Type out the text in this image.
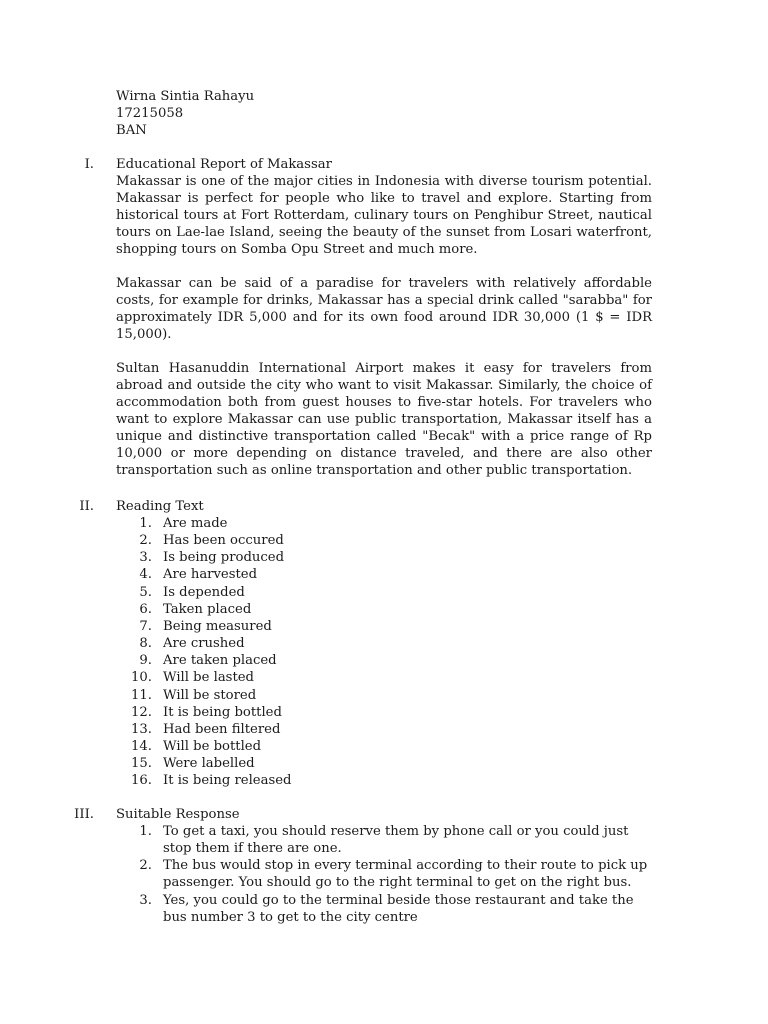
Wirna Sintia Rahayu
17215058
BAN
I. Educational Report of Makassar

Makassar is one of the major cities in Indonesia with diverse tourism potential. Makassar is perfect for people who like to travel and explore. Starting from historical tours at Fort Rotterdam, culinary tours on Penghibur Street, nautical tours on Lae-lae Island, seeing the beauty of the sunset from Losari waterfront, shopping tours on Somba Opu Street and much more.

Makassar can be said of a paradise for travelers with relatively affordable costs, for example for drinks, Makassar has a special drink called "sarabba" for approximately IDR 5,000 and for its own food around IDR 30,000 (1 $ = IDR 15,000).

Sultan Hasanuddin International Airport makes it easy for travelers from abroad and outside the city who want to visit Makassar. Similarly, the choice of accommodation both from guest houses to five-star hotels. For travelers who want to explore Makassar can use public transportation, Makassar itself has a unique and distinctive transportation called "Becak" with a price range of Rp 10,000 or more depending on distance traveled, and there are also other transportation such as online transportation and other public transportation.

II. Reading Text
1. Are made
2. Has been occured
3. Is being produced
4. Are harvested
5. Is depended
6. Taken placed
7. Being measured
8. Are crushed
9. Are taken placed
10. Will be lasted
11. Will be stored
12. It is being bottled
13. Had been filtered
14. Will be bottled
15. Were labelled
16. It is being released
III. Suitable Response
1. To get a taxi, you should reserve them by phone call or you could just stop them if there are one.
2. The bus would stop in every terminal according to their route to pick up passenger. You should go to the right terminal to get on the right bus.
3. Yes, you could go to the terminal beside those restaurant and take the bus number 3 to get to the city centre
